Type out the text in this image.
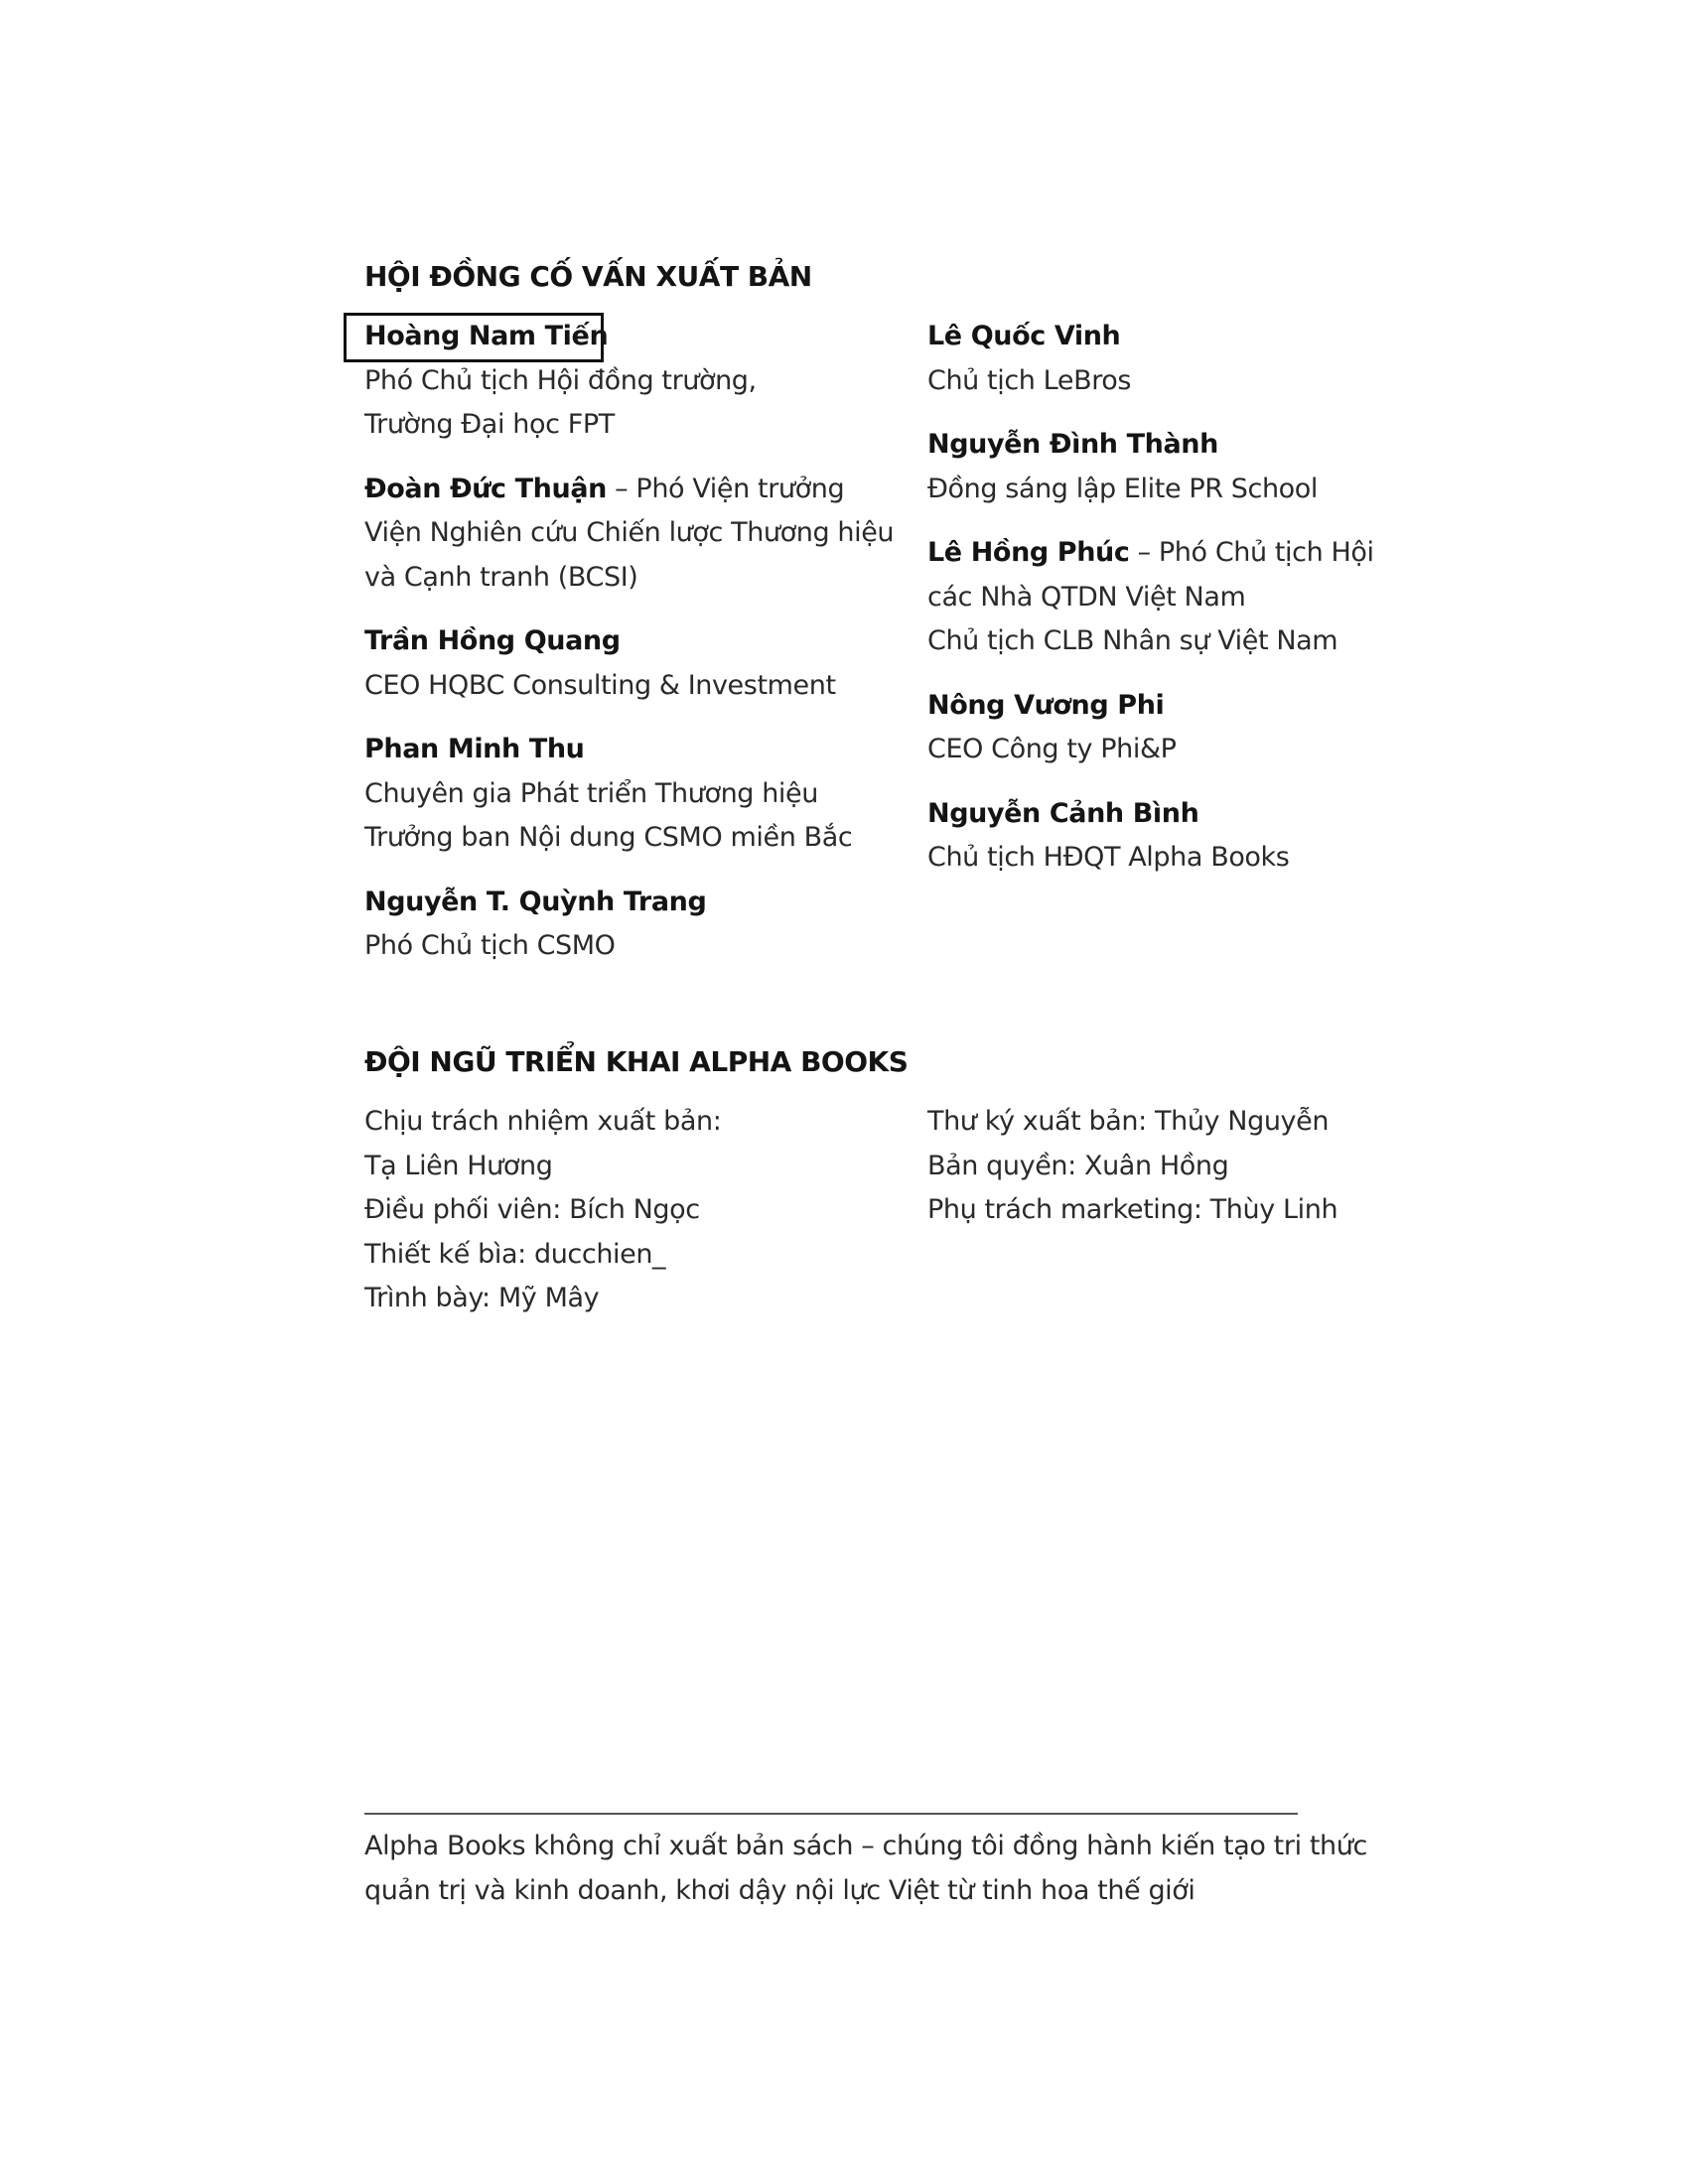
HỘI ĐỒNG CỐ VẤN XUẤT BẢN
Hoàng Nam Tiến
Phó Chủ tịch Hội đồng trường,
Trường Đại học FPT
Đoàn Đức Thuận – Phó Viện trưởng
Viện Nghiên cứu Chiến lược Thương hiệu
và Cạnh tranh (BCSI)
Trần Hồng Quang
CEO HQBC Consulting & Investment
Phan Minh Thu
Chuyên gia Phát triển Thương hiệu
Trưởng ban Nội dung CSMO miền Bắc
Nguyễn T. Quỳnh Trang
Phó Chủ tịch CSMO
Lê Quốc Vinh
Chủ tịch LeBros
Nguyễn Đình Thành
Đồng sáng lập Elite PR School
Lê Hồng Phúc – Phó Chủ tịch Hội
các Nhà QTDN Việt Nam
Chủ tịch CLB Nhân sự Việt Nam
Nông Vương Phi
CEO Công ty Phi&P
Nguyễn Cảnh Bình
Chủ tịch HĐQT Alpha Books
ĐỘI NGŨ TRIỂN KHAI ALPHA BOOKS
Chịu trách nhiệm xuất bản:
Tạ Liên Hương
Điều phối viên: Bích Ngọc
Thiết kế bìa: ducchien_
Trình bày: Mỹ Mây
Thư ký xuất bản: Thủy Nguyễn
Bản quyền: Xuân Hồng
Phụ trách marketing: Thùy Linh
Alpha Books không chỉ xuất bản sách – chúng tôi đồng hành kiến tạo tri thức
quản trị và kinh doanh, khơi dậy nội lực Việt từ tinh hoa thế giới
